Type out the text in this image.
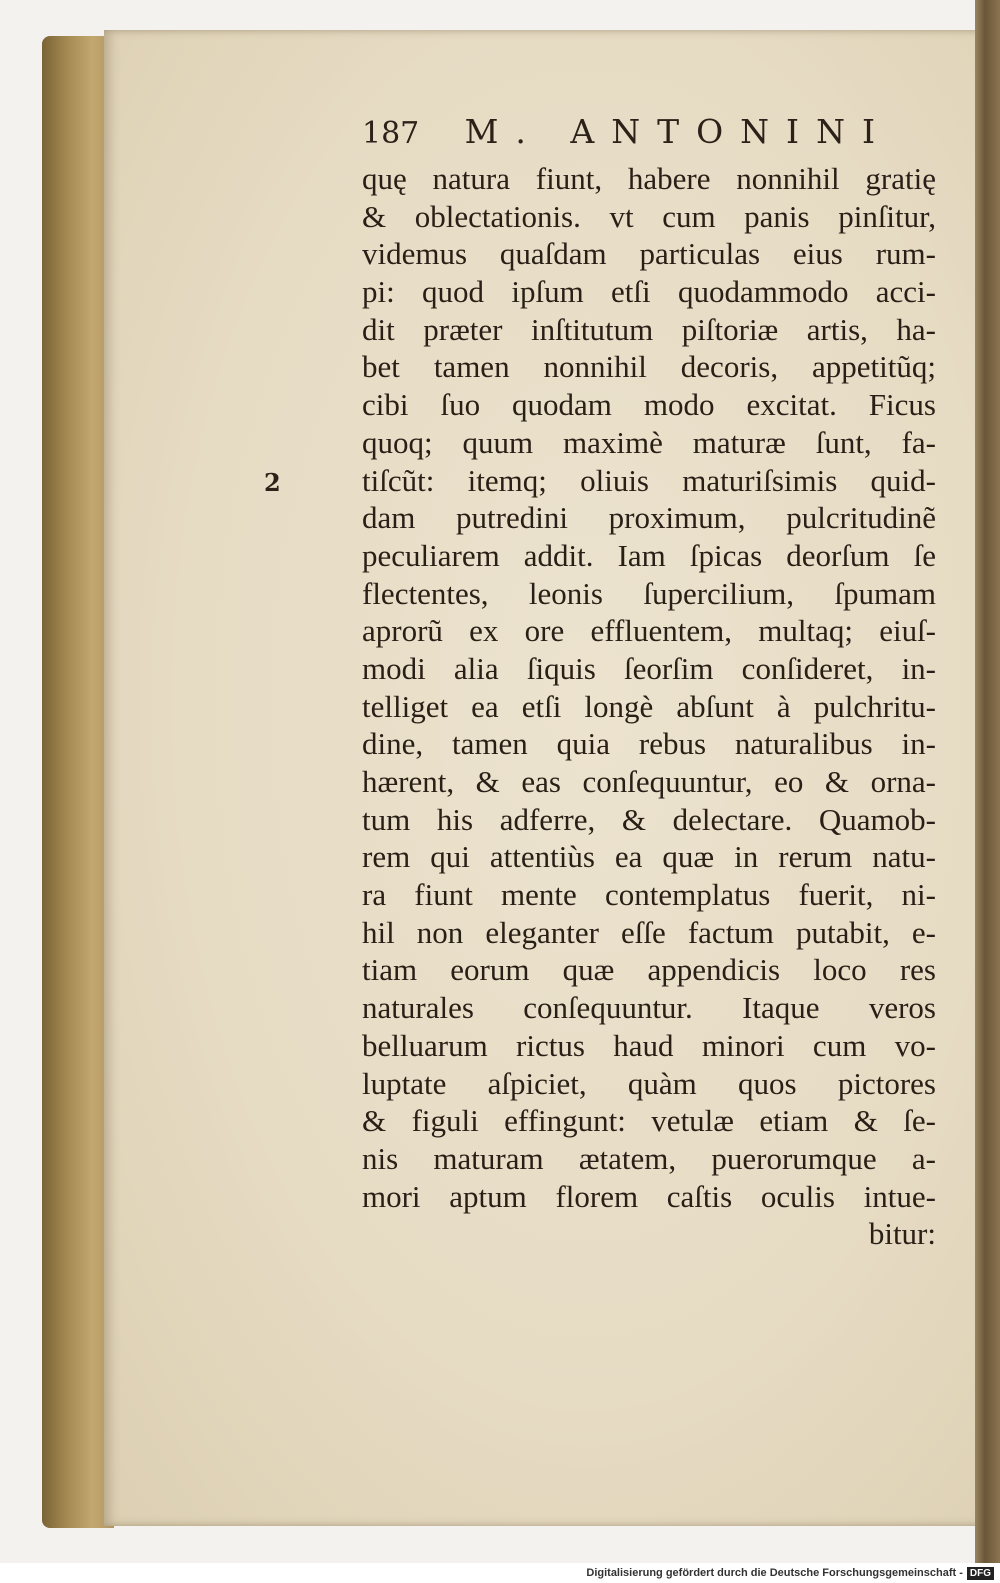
187	M. ANTONINI
2
quę natura fiunt, habere nonnihil gratię
& oblectationis. vt cum panis pinſitur,
videmus quaſdam particulas eius rum-
pi: quod ipſum etſi quodammodo acci-
dit præter inſtitutum piſtoriæ artis, ha-
bet tamen nonnihil decoris, appetitũq;
cibi ſuo quodam modo excitat. Ficus
quoq; quum maximè maturæ ſunt, fa-
tiſcũt: itemq; oliuis maturiſsimis quid-
dam putredini proximum, pulcritudinẽ
peculiarem addit. Iam ſpicas deorſum ſe
flectentes, leonis ſupercilium, ſpumam
aprorũ ex ore effluentem, multaq; eiuſ-
modi alia ſiquis ſeorſim conſideret, in-
telliget ea etſi longè abſunt à pulchritu-
dine, tamen quia rebus naturalibus in-
hærent, & eas conſequuntur, eo & orna-
tum his adferre, & delectare. Quamob-
rem qui attentiùs ea quæ in rerum natu-
ra fiunt mente contemplatus fuerit, ni-
hil non eleganter eſſe factum putabit, e-
tiam eorum quæ appendicis loco res
naturales conſequuntur. Itaque veros
belluarum rictus haud minori cum vo-
luptate aſpiciet, quàm quos pictores
& figuli effingunt: vetulæ etiam & ſe-
nis maturam ætatem, puerorumque a-
mori aptum florem caſtis oculis intue-
bitur:
Digitalisierung gefördert durch die Deutsche Forschungsgemeinschaft - DFG
